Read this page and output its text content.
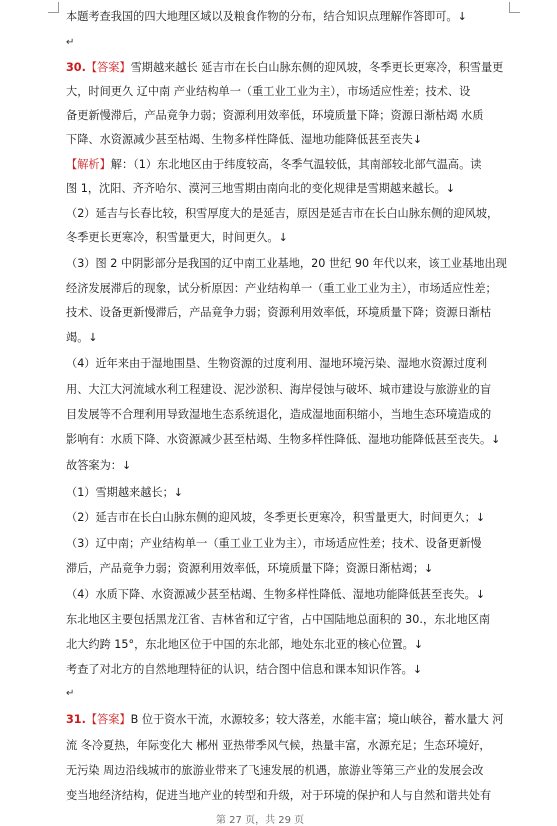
本题考查我国的四大地理区域以及粮食作物的分布，结合知识点理解作答即可。↓
↵
30.【答案】雪期越来越长 延吉市在长白山脉东侧的迎风坡，冬季更长更寒冷，积雪量更
大，时间更久 辽中南 产业结构单一（重工业工业为主），市场适应性差；技术、设
备更新慢滞后，产品竟争力弱；资源利用效率低，环境质量下降；资源日渐枯竭 水质
下降、水资源减少甚至枯竭、生物多样性降低、湿地功能降低甚至丧失↓
【解析】解：（1）东北地区由于纬度较高，冬季气温较低，其南部较北部气温高。读
图 1，沈阳、齐齐哈尔、漠河三地雪期由南向北的变化规律是雪期越来越长。↓
（2）延吉与长春比较，积雪厚度大的是延吉，原因是延吉市在长白山脉东侧的迎风坡，
冬季更长更寒冷，积雪量更大，时间更久。↓
（3）图 2 中阴影部分是我国的辽中南工业基地，20 世纪 90 年代以来，该工业基地出现
经济发展滞后的现象，试分析原因：产业结构单一（重工业工业为主），市场适应性差；
技术、设备更新慢滞后，产品竟争力弱；资源利用效率低，环境质量下降；资源日渐枯
竭。↓
（4）近年来由于湿地围垦、生物资源的过度利用、湿地环境污染、湿地水资源过度利
用、大江大河流域水利工程建设、泥沙淤积、海岸侵蚀与破坏、城市建设与旅游业的盲
目发展等不合理利用导致湿地生态系统退化，造成湿地面积缩小，当地生态环境造成的
影响有：水质下降、水资源减少甚至枯竭、生物多样性降低、湿地功能降低甚至丧失。↓
故答案为：↓
（1）雪期越来越长；↓
（2）延吉市在长白山脉东侧的迎风坡，冬季更长更寒冷，积雪量更大，时间更久；↓
（3）辽中南；产业结构单一（重工业工业为主），市场适应性差；技术、设备更新慢
滞后，产品竟争力弱；资源利用效率低，环境质量下降；资源日渐枯竭；↓
（4）水质下降、水资源减少甚至枯竭、生物多样性降低、湿地功能降低甚至丧失。↓
东北地区主要包括黑龙江省、吉林省和辽宁省，占中国陆地总面积的 30.，东北地区南
北大约跨 15°，东北地区位于中国的东北部，地处东北亚的核心位置。↓
考查了对北方的自然地理特征的认识，结合图中信息和课本知识作答。↓
↵
31.【答案】B 位于资水干流，水源较多；较大落差，水能丰富；境山峡谷，蓄水量大 河
流 冬冷夏热，年际变化大 郴州 亚热带季风气候，热量丰富，水源充足；生态环境好，
无污染 周边沿线城市的旅游业带来了飞速发展的机遇，旅游业等第三产业的发展会改
变当地经济结构，促进当地产业的转型和升级，对于环境的保护和人与自然和谐共处有
第 27 页，共 29 页
